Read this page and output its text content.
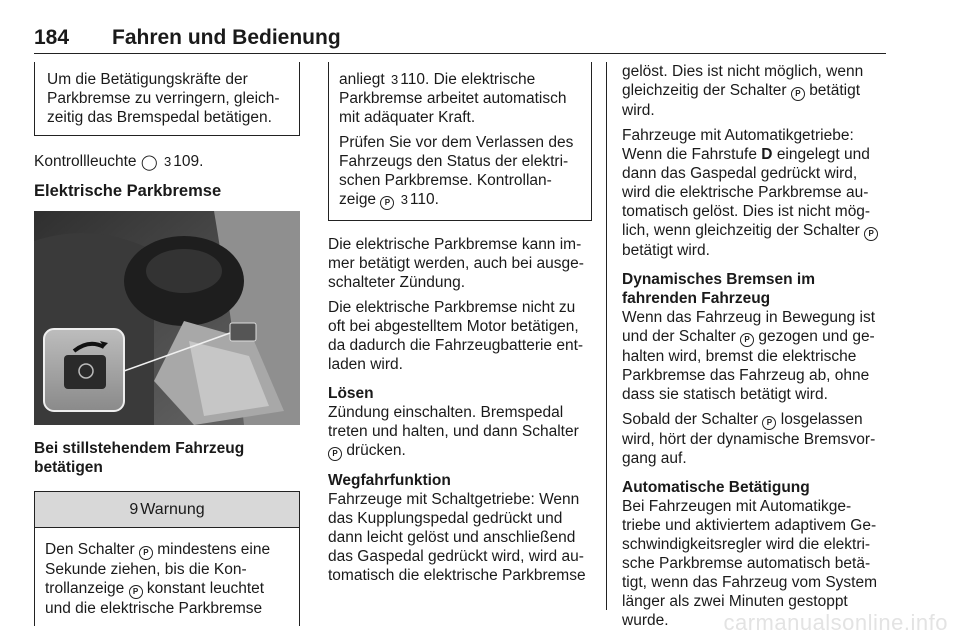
184 Fahren und Bedienung
Um die Betätigungskräfte der Parkbremse zu verringern, gleich-zeitig das Bremspedal betätigen.

Kontrollleuchte ◯ 3 109.

Elektrische Parkbremse
Bei stillstehendem Fahrzeug betätigen
9 Warnung
Den Schalter P mindestens eine Sekunde ziehen, bis die Kon-trollanzeige P konstant leuchtet und die elektrische Parkbremse

anliegt 3 110. Die elektrische Parkbremse arbeitet automatisch mit adäquater Kraft.

Prüfen Sie vor dem Verlassen des Fahrzeugs den Status der elektri-schen Parkbremse. Kontrollan-zeige P 3 110.

Die elektrische Parkbremse kann im-mer betätigt werden, auch bei ausge-schalteter Zündung.

Die elektrische Parkbremse nicht zu oft bei abgestelltem Motor betätigen, da dadurch die Fahrzeugbatterie ent-laden wird.

Lösen

Zündung einschalten. Bremspedal treten und halten, und dann Schalter P drücken.

Wegfahrfunktion

Fahrzeuge mit Schaltgetriebe: Wenn das Kupplungspedal gedrückt und dann leicht gelöst und anschließend das Gaspedal gedrückt wird, wird au-tomatisch die elektrische Parkbremse

gelöst. Dies ist nicht möglich, wenn gleichzeitig der Schalter P betätigt wird.

Fahrzeuge mit Automatikgetriebe: Wenn die Fahrstufe D eingelegt und dann das Gaspedal gedrückt wird, wird die elektrische Parkbremse au-tomatisch gelöst. Dies ist nicht mög-lich, wenn gleichzeitig der Schalter P betätigt wird.

Dynamisches Bremsen im fahrenden Fahrzeug

Wenn das Fahrzeug in Bewegung ist und der Schalter P gezogen und ge-halten wird, bremst die elektrische Parkbremse das Fahrzeug ab, ohne dass sie statisch betätigt wird.

Sobald der Schalter P losgelassen wird, hört der dynamische Bremsvor-gang auf.

Automatische Betätigung

Bei Fahrzeugen mit Automatikge-triebe und aktiviertem adaptivem Ge-schwindigkeitsregler wird die elektri-sche Parkbremse automatisch betä-tigt, wenn das Fahrzeug vom System länger als zwei Minuten gestoppt wurde.	carmanualsonline.info
